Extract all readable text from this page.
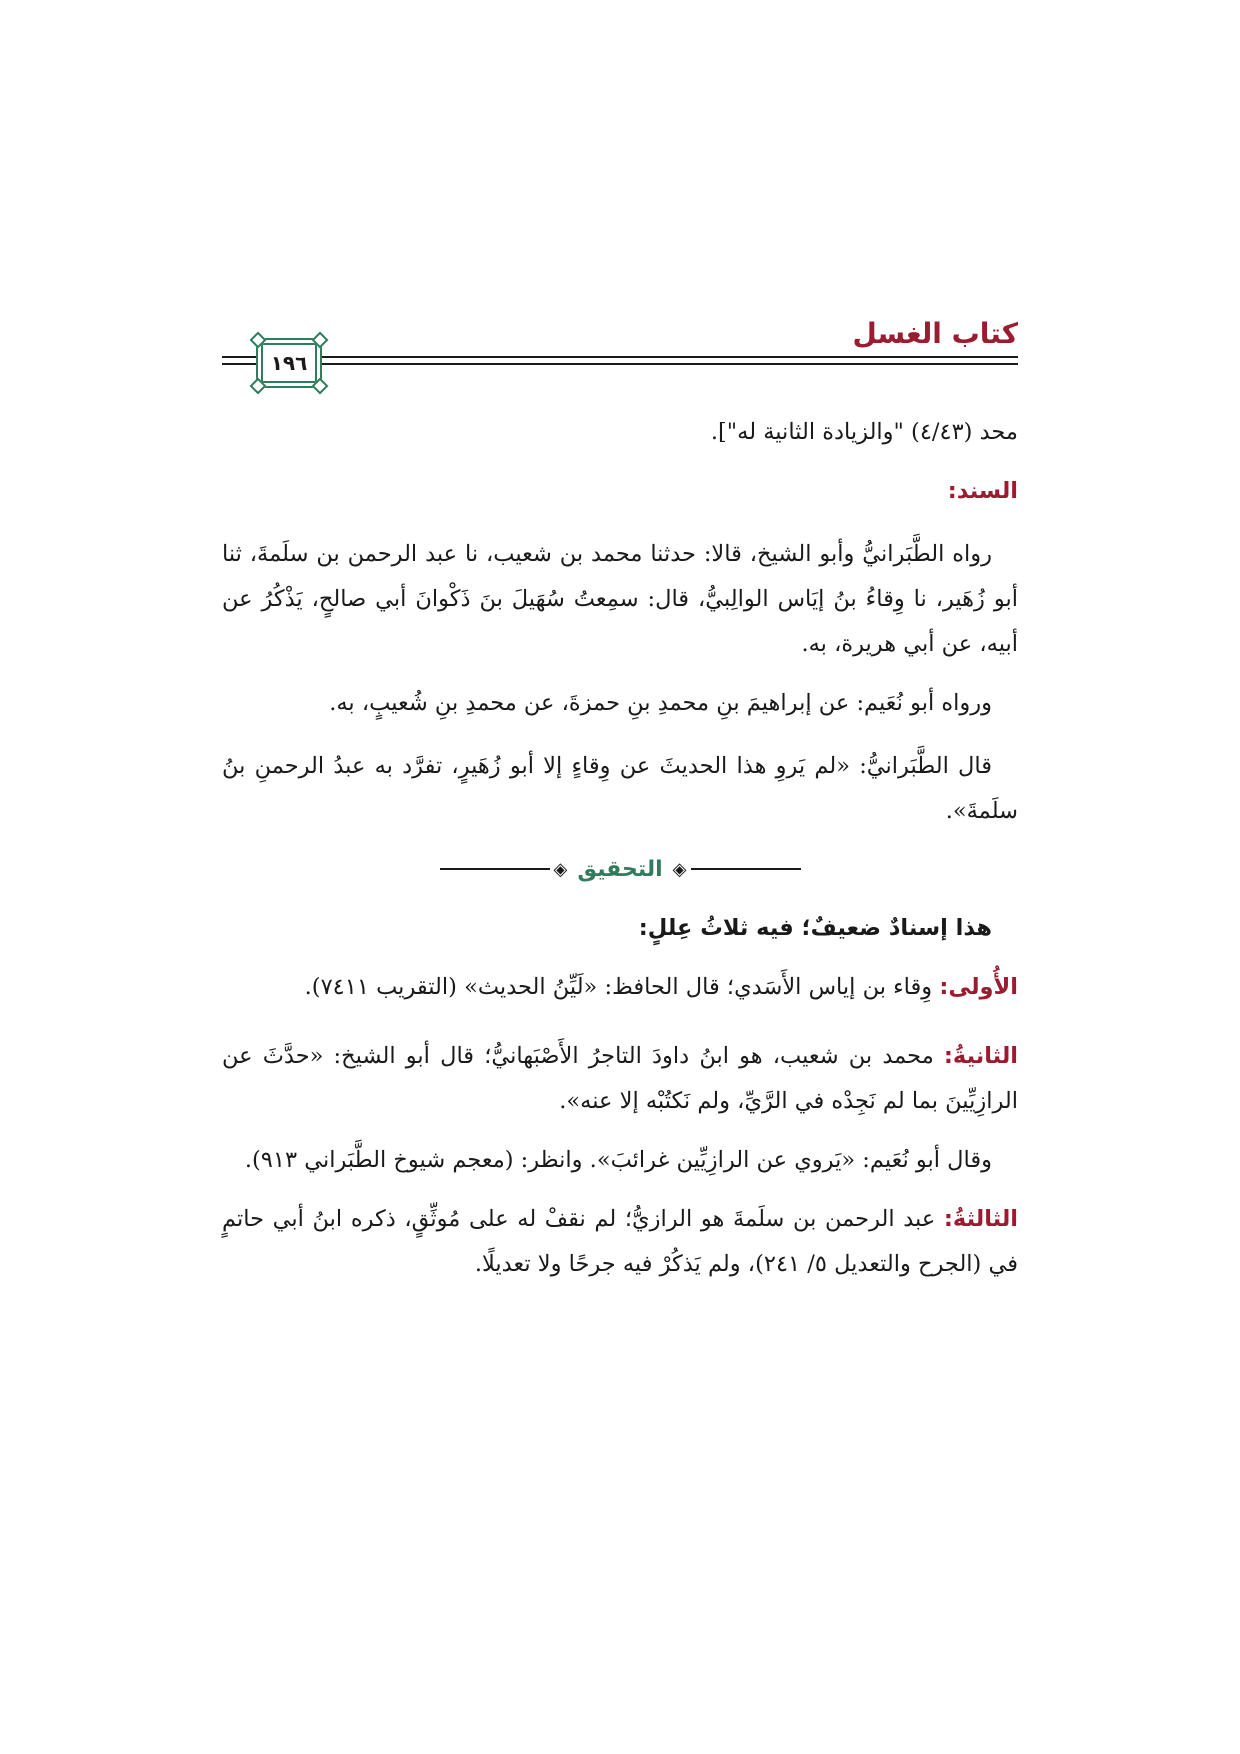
كتاب الغسل
١٩٦

محد (٤/٤٣) "والزيادة الثانية له"].

السند:

رواه الطَّبَرانيُّ وأبو الشيخ، قالا: حدثنا محمد بن شعيب، نا عبد الرحمن بن سلَمةَ، ثنا أبو زُهَير، نا وِقاءُ بنُ إيَاس الوالِبيُّ، قال: سمِعتُ سُهَيلَ بنَ ذَكْوانَ أبي صالحٍ، يَذْكُرُ عن أبيه، عن أبي هريرة، به.

ورواه أبو نُعَيم: عن إبراهيمَ بنِ محمدِ بنِ حمزةَ، عن محمدِ بنِ شُعيبٍ، به.

قال الطَّبَرانيُّ: «لم يَروِ هذا الحديثَ عن وِقاءٍ إلا أبو زُهَيرٍ، تفرَّد به عبدُ الرحمنِ بنُ سلَمةَ».

◈
التحقيق
◈

هذا إسنادٌ ضعيفٌ؛ فيه ثلاثُ عِللٍ:

الأُولى: وِقاء بن إياس الأَسَدي؛ قال الحافظ: «لَيِّنُ الحديث» (التقريب ٧٤١١).

الثانيةُ: محمد بن شعيب، هو ابنُ داودَ التاجرُ الأَصْبَهانيُّ؛ قال أبو الشيخ: «حدَّثَ عن الرازِيِّينَ بما لم نَجِدْه في الرَّيِّ، ولم نَكتُبْه إلا عنه».

وقال أبو نُعَيم: «يَروي عن الرازِيِّين غرائبَ». وانظر: (معجم شيوخ الطَّبَراني ٩١٣).

الثالثةُ: عبد الرحمن بن سلَمةَ هو الرازيُّ؛ لم نقفْ له على مُوثِّقٍ، ذكره ابنُ أبي حاتمٍ في (الجرح والتعديل ٥/ ٢٤١)، ولم يَذكُرْ فيه جرحًا ولا تعديلًا.
